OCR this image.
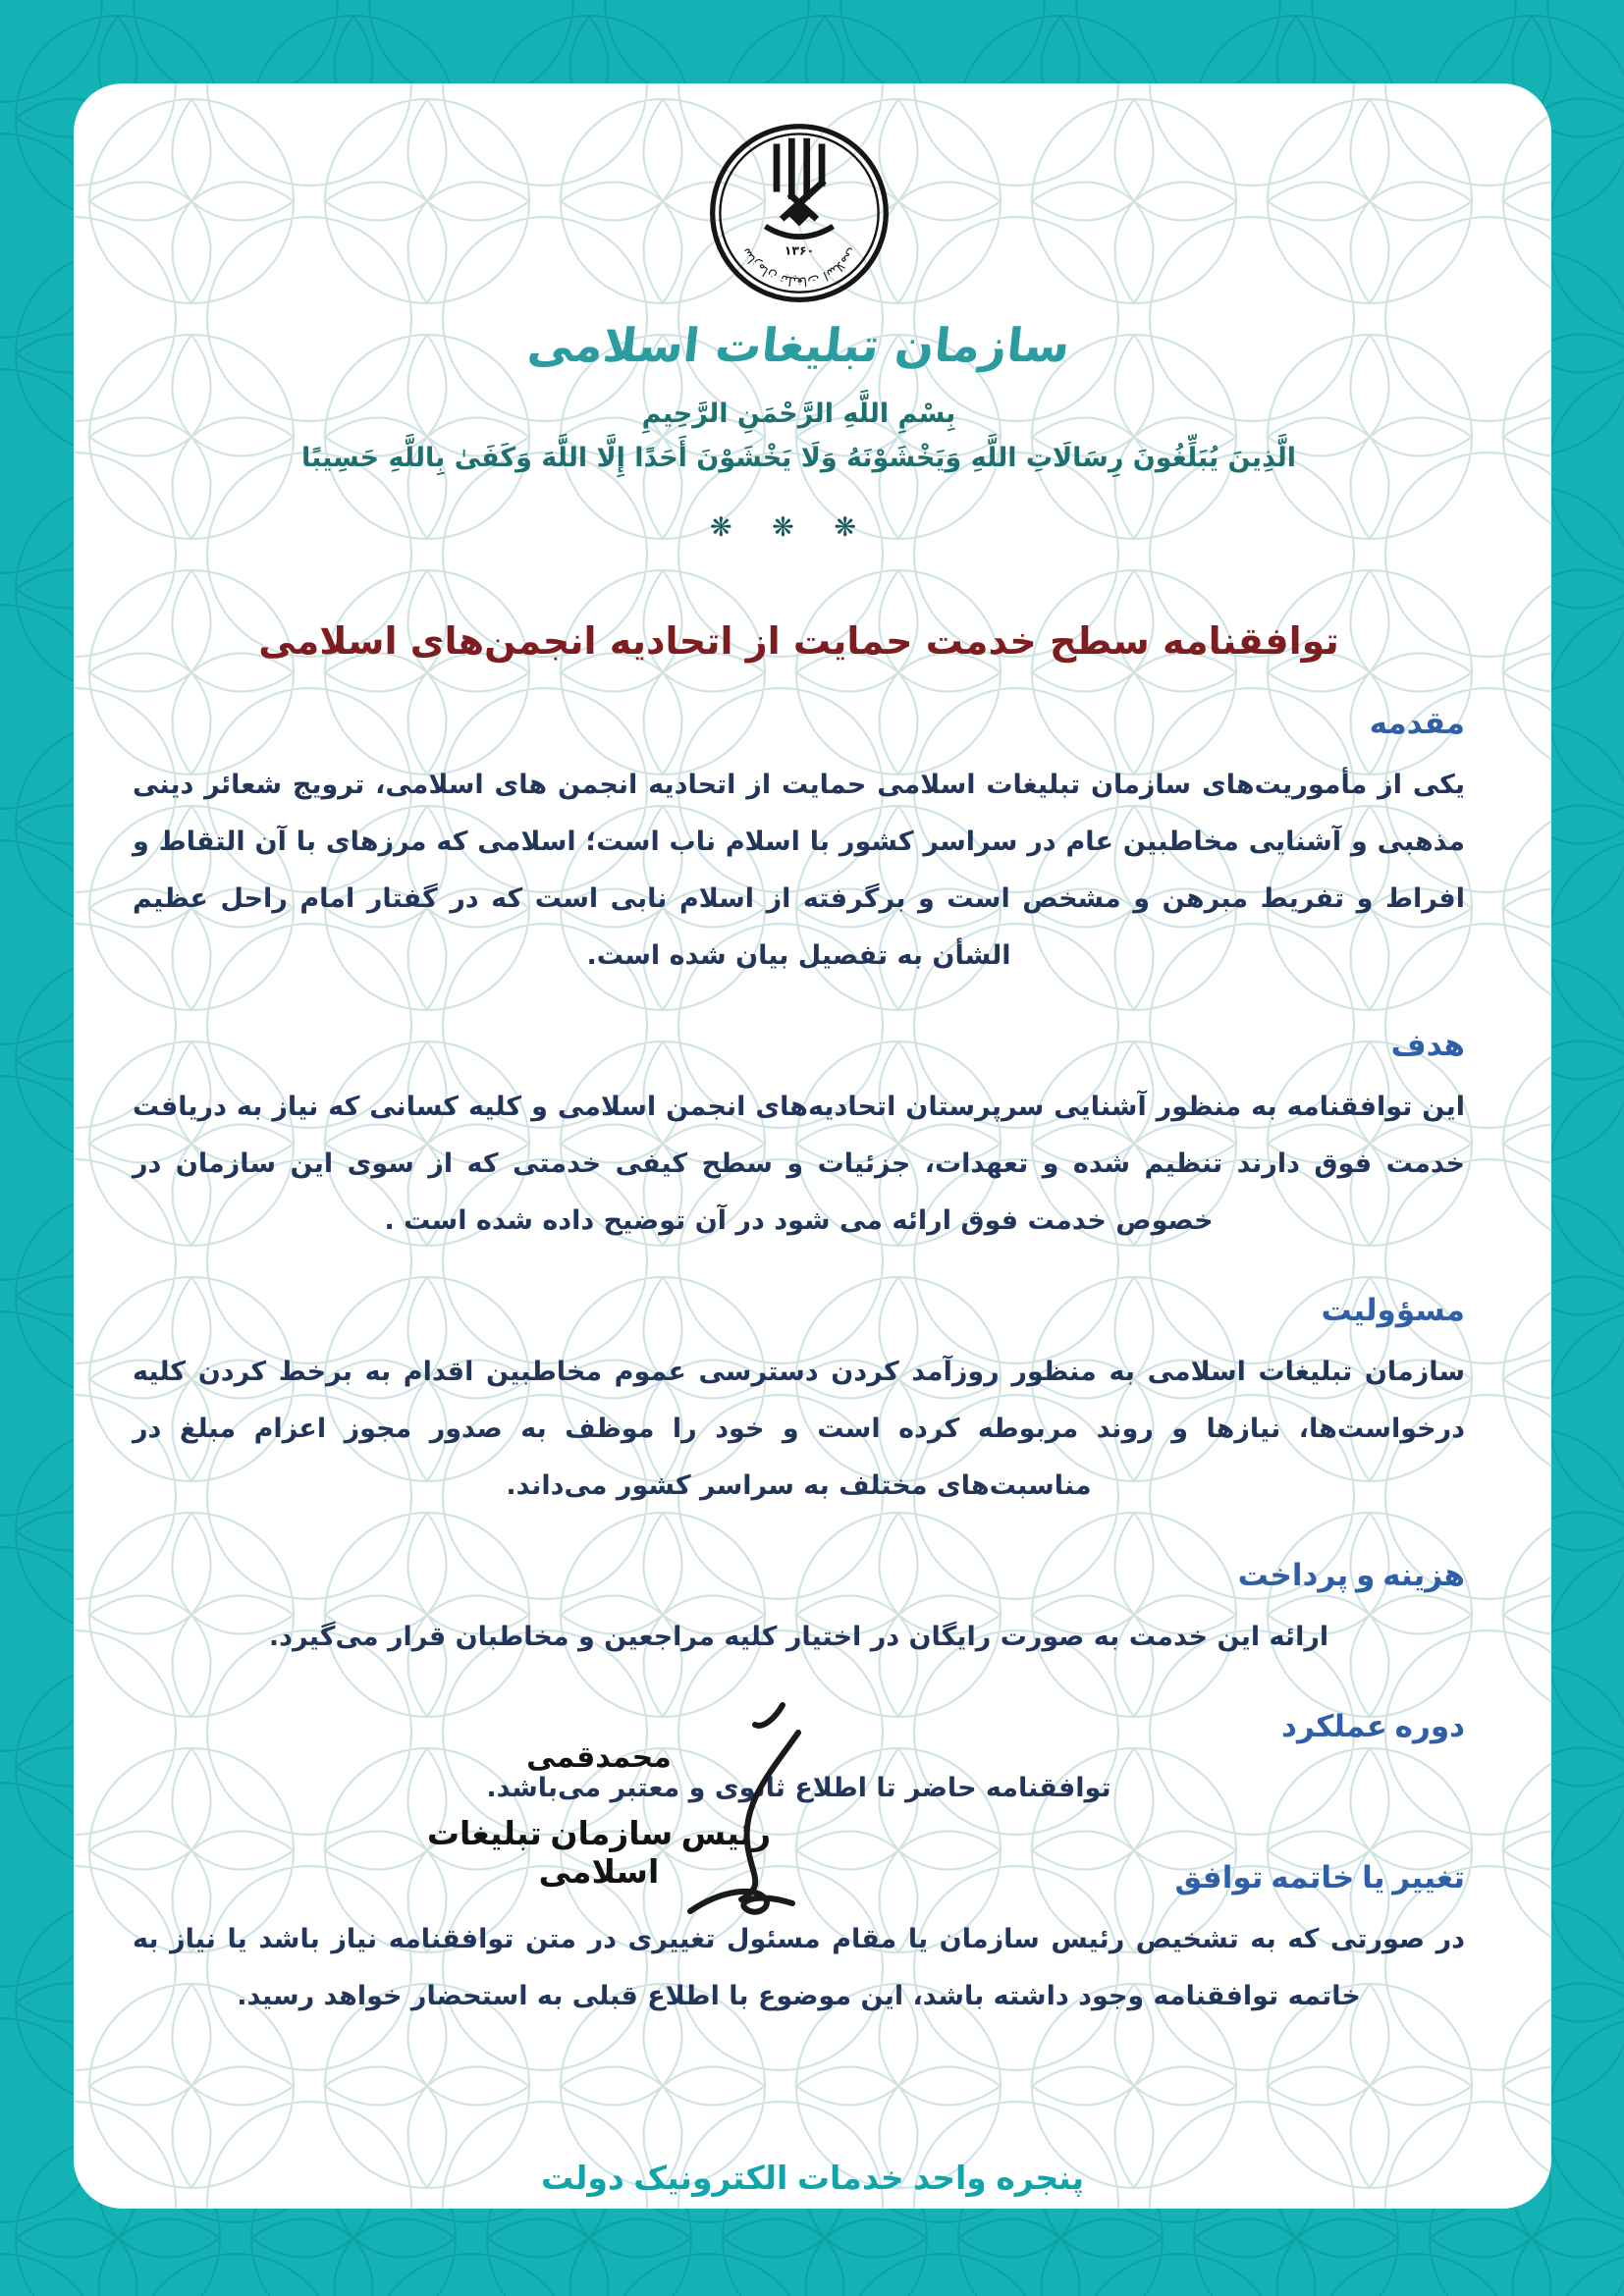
۱۳۶۰	سازمان تبلیغات اسلامی
سازمان تبلیغات اسلامی
بِسْمِ اللَّهِ الرَّحْمَنِ الرَّحِيمِ
الَّذِينَ يُبَلِّغُونَ رِسَالَاتِ اللَّهِ وَيَخْشَوْنَهُ وَلَا يَخْشَوْنَ أَحَدًا إِلَّا اللَّهَ وَكَفَىٰ بِاللَّهِ حَسِيبًا
❋ ❋ ❋
توافقنامه سطح خدمت حمایت از اتحادیه انجمن‌های اسلامی
مقدمه

یکی از مأموریت‌های سازمان تبلیغات اسلامی حمایت از اتحادیه انجمن های اسلامی، ترویج شعائر دینی مذهبی و آشنایی مخاطبین عام در سراسر کشور با اسلام ناب است؛ اسلامی که مرزهای با آن التقاط و افراط و تفریط مبرهن و مشخص است و برگرفته از اسلام نابی است که در گفتار امام راحل عظیم الشأن به تفصیل بیان شده است.

هدف

این توافقنامه به منظور آشنایی سرپرستان اتحادیه‌های انجمن اسلامی و کلیه کسانی که نیاز به دریافت خدمت فوق دارند تنظیم شده و تعهدات، جزئیات و سطح کیفی خدمتی که از سوی این سازمان در خصوص خدمت فوق ارائه می شود در آن توضیح داده شده است .

مسؤولیت

سازمان تبلیغات اسلامی به منظور روزآمد کردن دسترسی عموم مخاطبین اقدام به برخط کردن کلیه درخواست‌ها، نیازها و روند مربوطه کرده است و خود را موظف به صدور مجوز اعزام مبلغ در مناسبت‌های مختلف به سراسر کشور می‌داند.

هزینه و پرداخت

ارائه این خدمت به صورت رایگان در اختیار کلیه مراجعین و مخاطبان قرار می‌گیرد.

دوره عملکرد

توافقنامه حاضر تا اطلاع ثانوی و معتبر می‌باشد.

تغییر یا خاتمه توافق

در صورتی که به تشخیص رئیس سازمان یا مقام مسئول تغییری در متن توافقنامه نیاز باشد یا نیاز به خاتمه توافقنامه وجود داشته باشد، این موضوع با اطلاع قبلی به استحضار خواهد رسید.

محمدقمی
رئیس سازمان تبلیغات اسلامی
پنجره واحد خدمات الکترونیک دولت
